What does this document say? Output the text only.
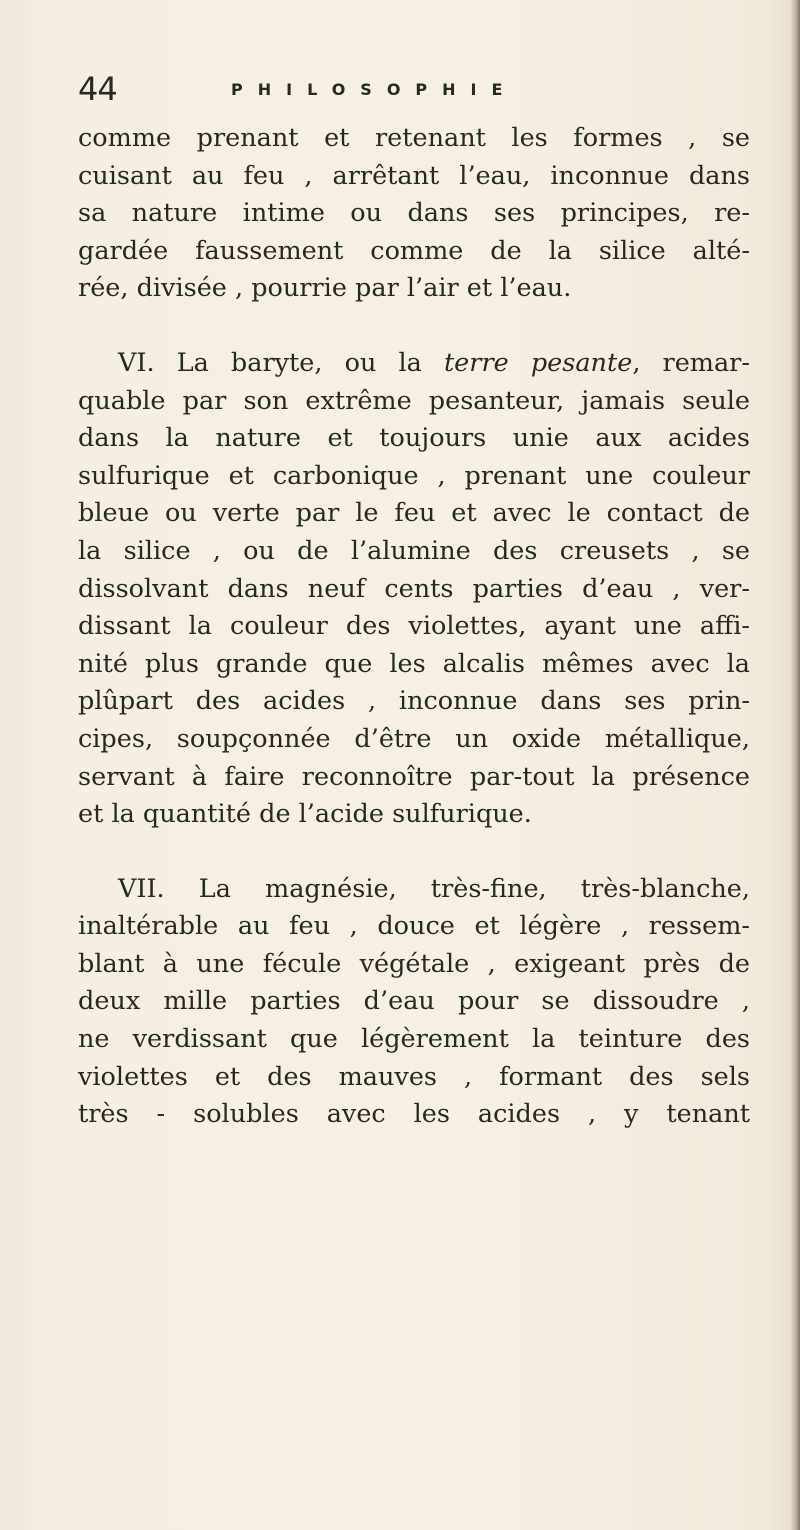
44	PHILOSOPHIE
comme prenant et retenant les formes , se
cuisant au feu , arrêtant l’eau, inconnue dans
sa nature intime ou dans ses principes, re-
gardée faussement comme de la silice alté-
rée, divisée , pourrie par l’air et l’eau.
VI. La baryte, ou la terre pesante, remar-
quable par son extrême pesanteur, jamais seule
dans la nature et toujours unie aux acides
sulfurique et carbonique , prenant une couleur
bleue ou verte par le feu et avec le contact de
la silice , ou de l’alumine des creusets , se
dissolvant dans neuf cents parties d’eau , ver-
dissant la couleur des violettes, ayant une affi-
nité plus grande que les alcalis mêmes avec la
plûpart des acides , inconnue dans ses prin-
cipes, soupçonnée d’être un oxide métallique,
servant à faire reconnoître par-tout la présence
et la quantité de l’acide sulfurique.
VII. La magnésie, très-fine, très-blanche,
inaltérable au feu , douce et légère , ressem-
blant à une fécule végétale , exigeant près de
deux mille parties d’eau pour se dissoudre ,
ne verdissant que légèrement la teinture des
violettes et des mauves , formant des sels
très - solubles avec les acides , y tenant
